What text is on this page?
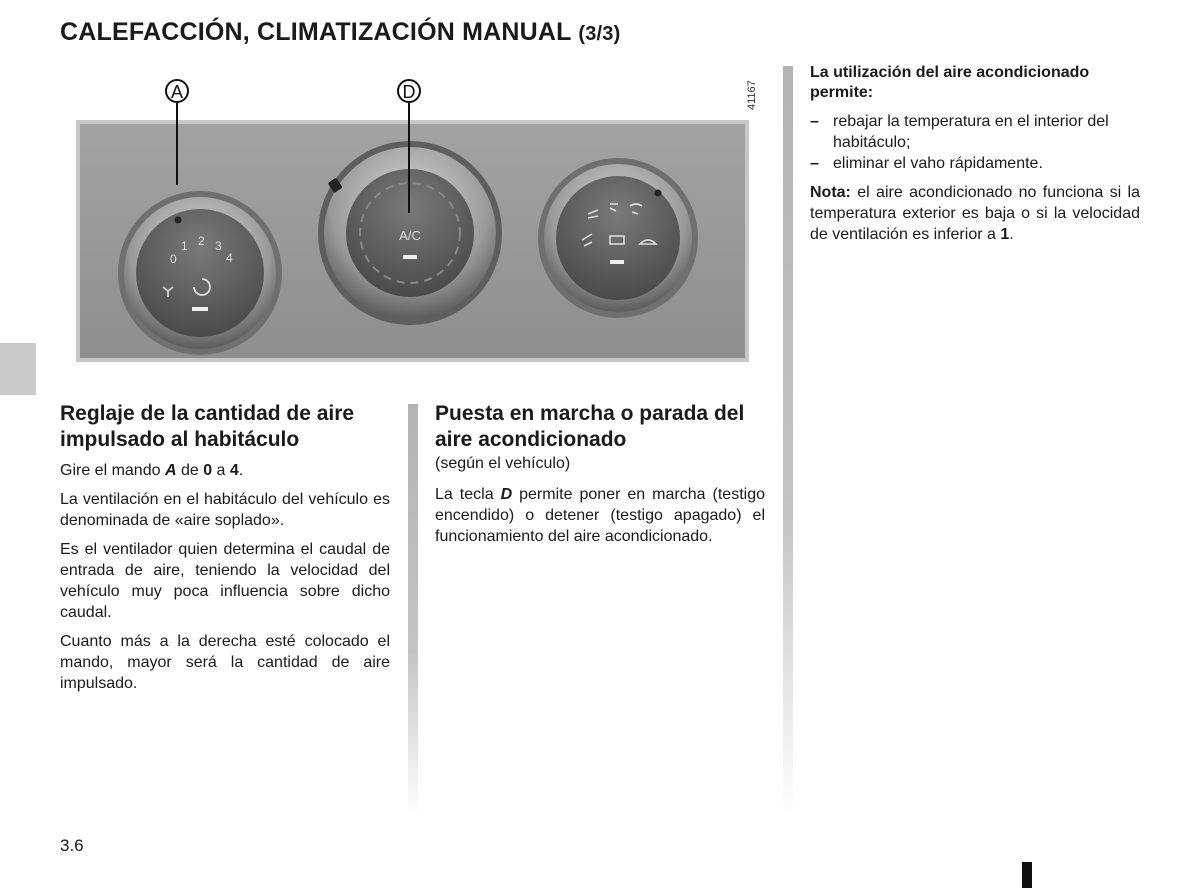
CALEFACCIÓN, CLIMATIZACIÓN MANUAL (3/3)
0
1 2 3
4
A/C
A	D	41167
Reglaje de la cantidad de aire impulsado al habitáculo

Gire el mando A de 0 a 4.

La ventilación en el habitáculo del vehículo es denominada de «aire soplado».

Es el ventilador quien determina el caudal de entrada de aire, teniendo la velocidad del vehículo muy poca influencia sobre dicho caudal.

Cuanto más a la derecha esté colocado el mando, mayor será la cantidad de aire impulsado.

Puesta en marcha o parada del aire acondicionado

(según el vehículo)

La tecla D permite poner en marcha (testigo encendido) o detener (testigo apagado) el funcionamiento del aire acondicionado.

La utilización del aire acondicionado permite:

– rebajar la temperatura en el interior del habitáculo;
– eliminar el vaho rápidamente.

Nota: el aire acondicionado no funciona si la temperatura exterior es baja o si la velocidad de ventilación es inferior a 1.

3.6
